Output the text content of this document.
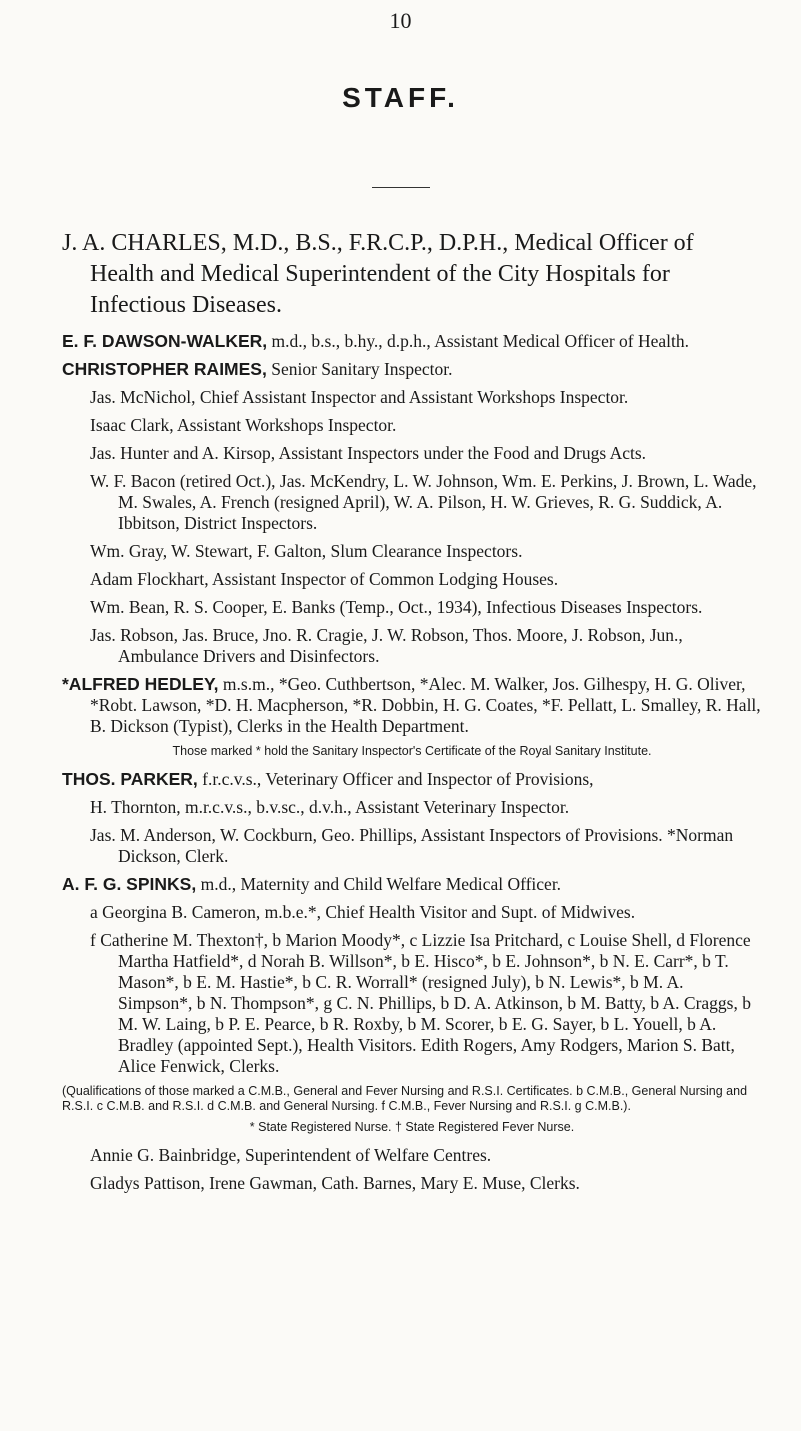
10
STAFF.

J. A. CHARLES, M.D., B.S., F.R.C.P., D.P.H., Medical Officer of Health and Medical Superintendent of the City Hospitals for Infectious Diseases.

E. F. DAWSON-WALKER, m.d., b.s., b.hy., d.p.h., Assistant Medical Officer of Health.

CHRISTOPHER RAIMES, Senior Sanitary Inspector.

Jas. McNichol, Chief Assistant Inspector and Assistant Workshops Inspector.

Isaac Clark, Assistant Workshops Inspector.

Jas. Hunter and A. Kirsop, Assistant Inspectors under the Food and Drugs Acts.

W. F. Bacon (retired Oct.), Jas. McKendry, L. W. Johnson, Wm. E. Perkins, J. Brown, L. Wade, M. Swales, A. French (resigned April), W. A. Pilson, H. W. Grieves, R. G. Suddick, A. Ibbitson, District Inspectors.

Wm. Gray, W. Stewart, F. Galton, Slum Clearance Inspectors.

Adam Flockhart, Assistant Inspector of Common Lodging Houses.

Wm. Bean, R. S. Cooper, E. Banks (Temp., Oct., 1934), Infectious Diseases Inspectors.

Jas. Robson, Jas. Bruce, Jno. R. Cragie, J. W. Robson, Thos. Moore, J. Robson, Jun., Ambulance Drivers and Disinfectors.

*ALFRED HEDLEY, m.s.m., *Geo. Cuthbertson, *Alec. M. Walker, Jos. Gilhespy, H. G. Oliver, *Robt. Lawson, *D. H. Macpherson, *R. Dobbin, H. G. Coates, *F. Pellatt, L. Smalley, R. Hall, B. Dickson (Typist), Clerks in the Health Department.

Those marked * hold the Sanitary Inspector's Certificate of the Royal Sanitary Institute.

THOS. PARKER, f.r.c.v.s., Veterinary Officer and Inspector of Provisions,

H. Thornton, m.r.c.v.s., b.v.sc., d.v.h., Assistant Veterinary Inspector.

Jas. M. Anderson, W. Cockburn, Geo. Phillips, Assistant Inspectors of Provisions. *Norman Dickson, Clerk.

A. F. G. SPINKS, m.d., Maternity and Child Welfare Medical Officer.

a Georgina B. Cameron, m.b.e.*, Chief Health Visitor and Supt. of Midwives.

f Catherine M. Thexton†, b Marion Moody*, c Lizzie Isa Pritchard, c Louise Shell, d Florence Martha Hatfield*, d Norah B. Willson*, b E. Hisco*, b E. Johnson*, b N. E. Carr*, b T. Mason*, b E. M. Hastie*, b C. R. Worrall* (resigned July), b N. Lewis*, b M. A. Simpson*, b N. Thompson*, g C. N. Phillips, b D. A. Atkinson, b M. Batty, b A. Craggs, b M. W. Laing, b P. E. Pearce, b R. Roxby, b M. Scorer, b E. G. Sayer, b L. Youell, b A. Bradley (appointed Sept.), Health Visitors. Edith Rogers, Amy Rodgers, Marion S. Batt, Alice Fenwick, Clerks.

(Qualifications of those marked a C.M.B., General and Fever Nursing and R.S.I. Certificates. b C.M.B., General Nursing and R.S.I. c C.M.B. and R.S.I. d C.M.B. and General Nursing. f C.M.B., Fever Nursing and R.S.I. g C.M.B.).

* State Registered Nurse. † State Registered Fever Nurse.

Annie G. Bainbridge, Superintendent of Welfare Centres.

Gladys Pattison, Irene Gawman, Cath. Barnes, Mary E. Muse, Clerks.
